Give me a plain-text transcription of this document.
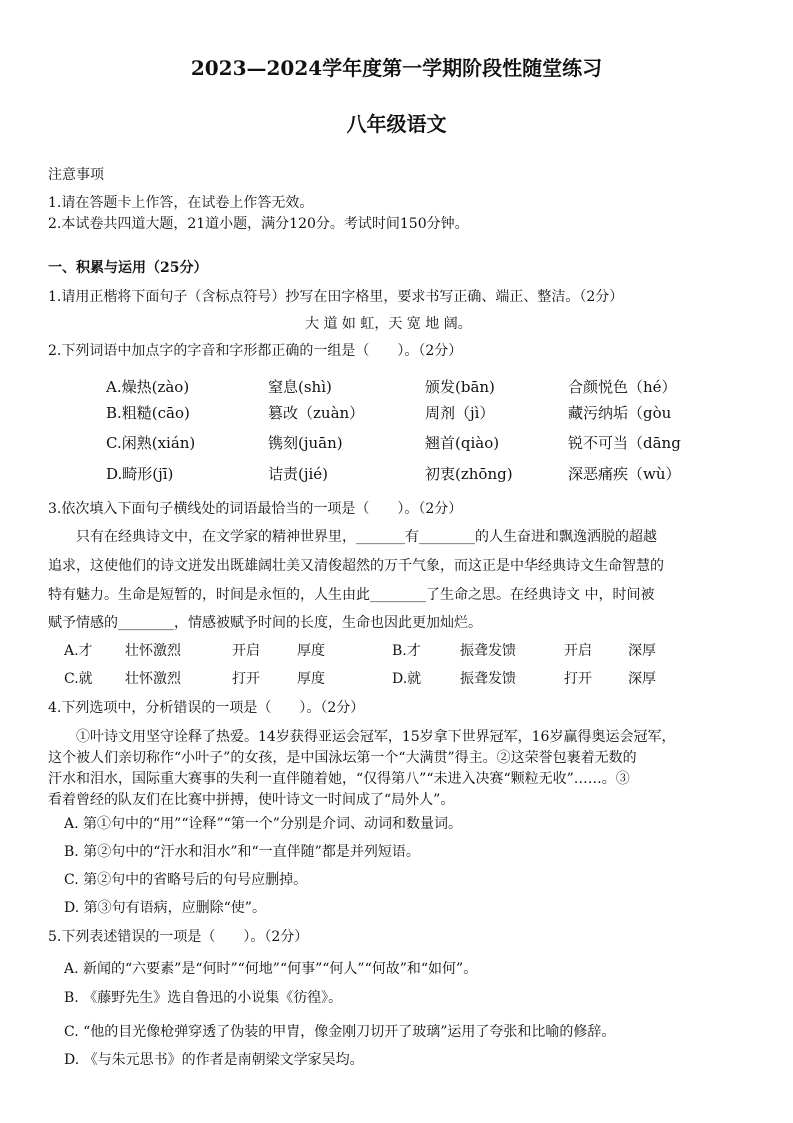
2023—2024学年度第一学期阶段性随堂练习
八年级语文
注意事项
1.请在答题卡上作答，在试卷上作答无效。
2.本试卷共四道大题，21道小题，满分120分。考试时间150分钟。
一、积累与运用（25分）
1.请用正楷将下面句子（含标点符号）抄写在田字格里，要求书写正确、端正、整洁。（2分）
大 道 如 虹，天 宽 地 阔。
2.下列词语中加点字的字音和字形都正确的一组是（　　）。（2分）
A.燥热(zào)	窒息(shì)	颁发(bān)	合颜悦色（hé）
B.粗糙(cāo)	篡改（zuàn）	周剂（jì）	藏污纳垢（gòu
C.闲熟(xián)	镌刻(juān)	翘首(qiào)	锐不可当（dāng
D.畸形(jī)	诘责(jié)	初衷(zhōng)	深恶痛疾（wù）
3.依次填入下面句子横线处的词语最恰当的一项是（　　）。（2分）
　　只有在经典诗文中，在文学家的精神世界里，_______有________的人生奋进和飘逸洒脱的超越
追求，这使他们的诗文迸发出既雄阔壮美又清俊超然的万千气象，而这正是中华经典诗文生命智慧的
特有魅力。生命是短暂的，时间是永恒的，人生由此________了生命之思。在经典诗文 中，时间被
赋予情感的________，情感被赋予时间的长度，生命也因此更加灿烂。
A.才 壮怀激烈	开启	厚度	B.才	振聋发馈	开启	深厚
C.就 壮怀激烈	打开	厚度	D.就	振聋发馈	打开	深厚
4.下列选项中，分析错误的一项是（　　）。（2分）
　　①叶诗文用坚守诠释了热爱。14岁获得亚运会冠军，15岁拿下世界冠军，16岁赢得奥运会冠军，
这个被人们亲切称作“小叶子”的女孩，是中国泳坛第一个“大满贯”得主。②这荣誉包裹着无数的
汗水和泪水，国际重大赛事的失利一直伴随着她，“仅得第八”“未进入决赛“颗粒无收”……。③
看着曾经的队友们在比赛中拼搏，使叶诗文一时间成了“局外人”。
A. 第①句中的“用”“诠释”“第一个”分别是介词、动词和数量词。
B. 第②句中的“汗水和泪水”和“一直伴随”都是并列短语。
C. 第②句中的省略号后的句号应删掉。
D. 第③句有语病，应删除“使”。
5.下列表述错误的一项是（　　）。（2分）
A. 新闻的“六要素”是“何时”“何地”“何事”“何人”“何故”和“如何”。
B. 《藤野先生》选自鲁迅的小说集《彷徨》。
C. “他的目光像枪弹穿透了伪装的甲胄，像金刚刀切开了玻璃”运用了夸张和比喻的修辞。
D. 《与朱元思书》的作者是南朝梁文学家吴均。
